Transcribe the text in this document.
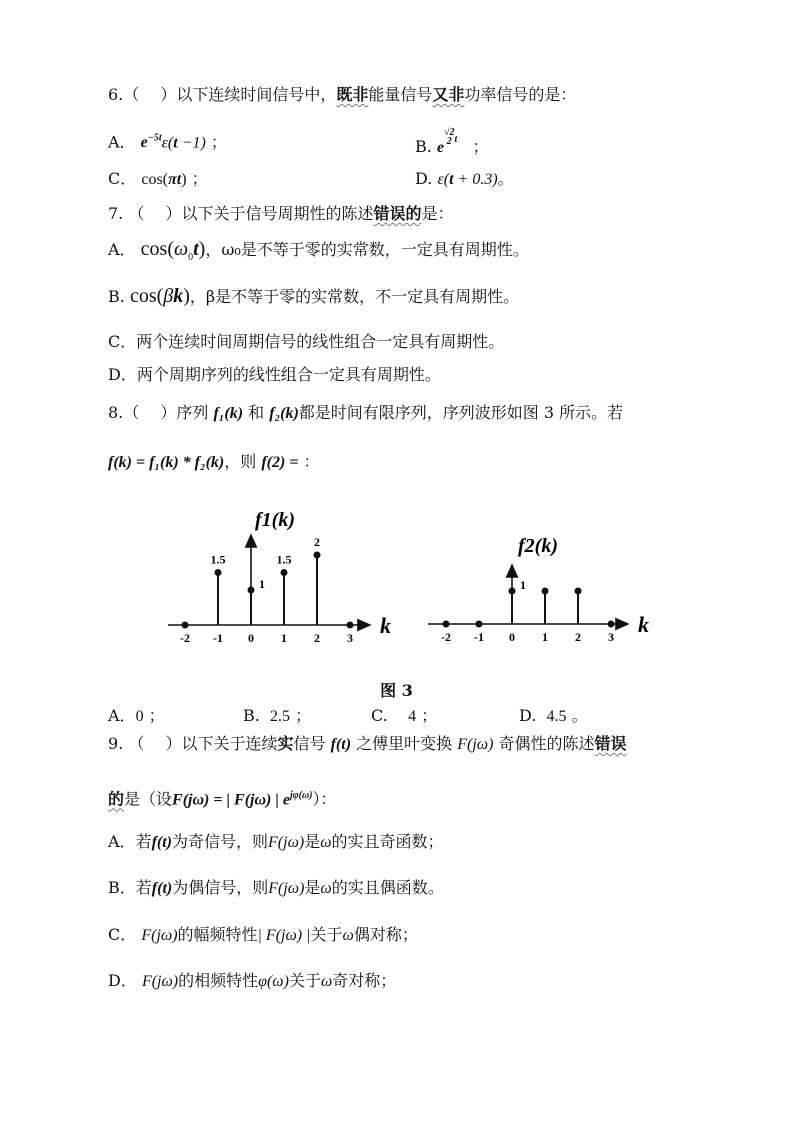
6.（　 ）以下连续时间信号中，既非能量信号又非功率信号的是：
A． $e^{-5t}\varepsilon(t -1)$ ；	B. e√2
2 $^t$ ；
C． cos(πt) ；	D. ε(t + 0.3)。
7. （　 ）以下关于信号周期性的陈述错误的是：
A． $\cos(\omega_0t)$，ω₀是不等于零的实常数，一定具有周期性。
B. cos(βk)，β是不等于零的实常数，不一定具有周期性。
C．两个连续时间周期信号的线性组合一定具有周期性。
D．两个周期序列的线性组合一定具有周期性。
8.（　 ）序列 f₁(k) 和 f₂(k)都是时间有限序列，序列波形如图 3 所示。若
f(k) = f₁(k) * f₂(k)，则 f(2) = ：
f1(k)
k
-2 -1
1.5
0
1
1
1.5
2
2
3
f2(k)
k
-2 -1 0
1
1 2 3
图 3
A．0 ；	B. 2.5 ；	C. 4 ；	D. 4.5 。
9. （　 ）以下关于连续实信号 f(t) 之傅里叶变换 F(jω) 奇偶性的陈述错误
的是（设F(jω) = | F(jω) | $e^{j\varphi(\omega)}$）：
A．若f(t)为奇信号，则F(jω)是ω的实且奇函数；
B．若f(t)为偶信号，则F(jω)是ω的实且偶函数。
C． F(jω)的幅频特性| F(jω) |关于ω偶对称；
D． F(jω)的相频特性φ(ω)关于ω奇对称；
